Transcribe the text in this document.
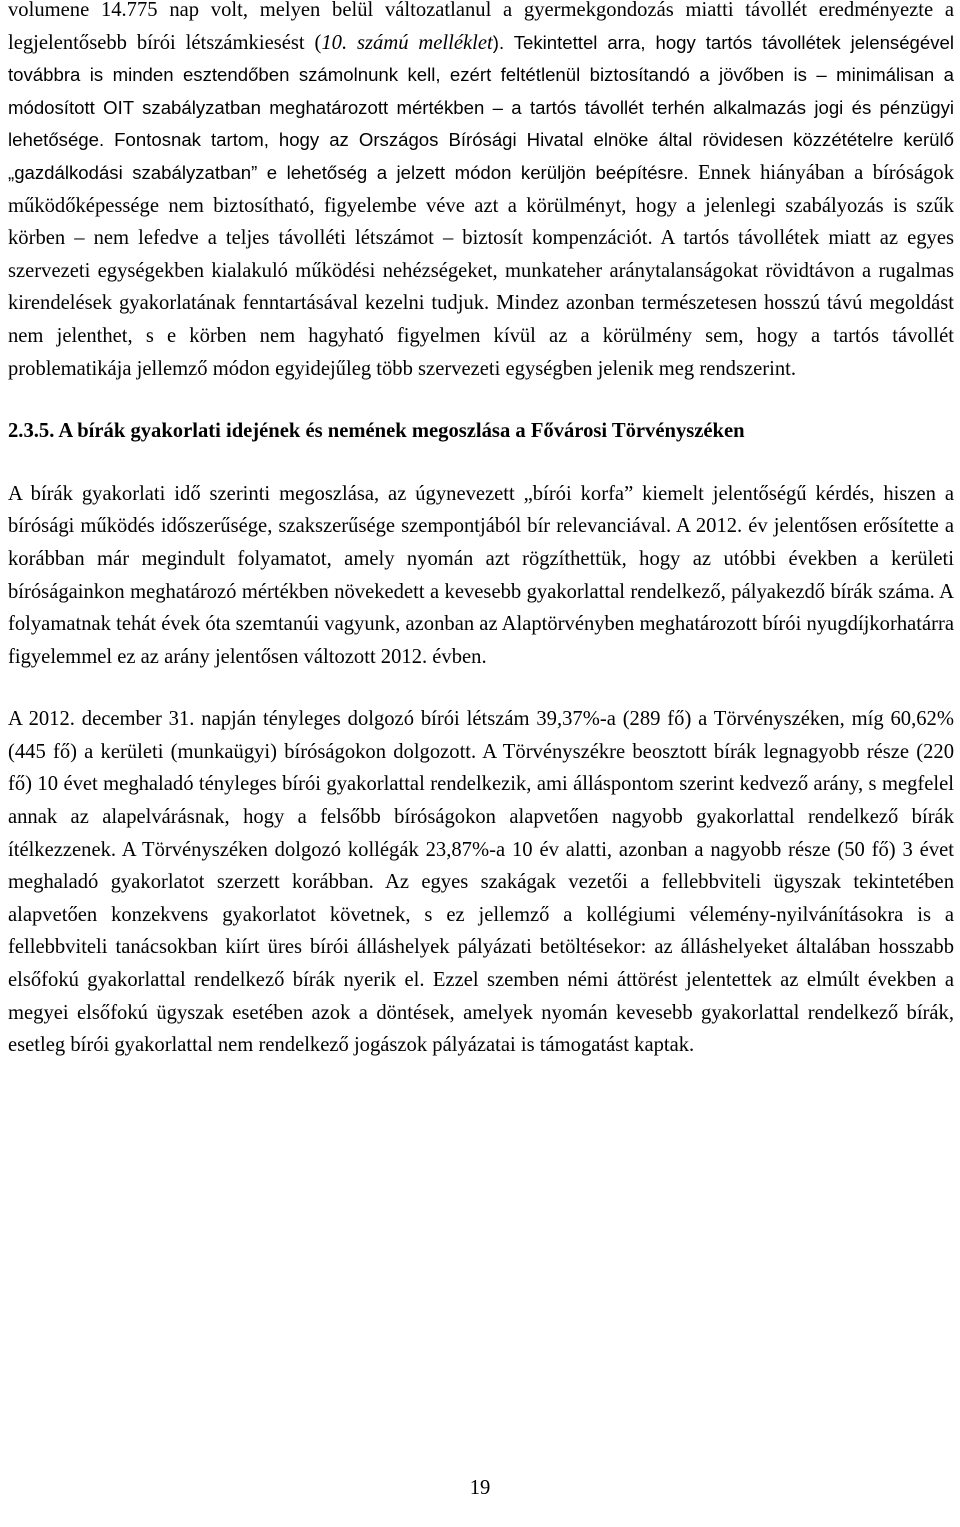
volumene 14.775 nap volt, melyen belül változatlanul a gyermekgondozás miatti távollét eredményezte a legjelentősebb bírói létszámkiesést (10. számú melléklet). Tekintettel arra, hogy tartós távollétek jelenségével továbbra is minden esztendőben számolnunk kell, ezért feltétlenül biztosítandó a jövőben is – minimálisan a módosított OIT szabályzatban meghatározott mértékben – a tartós távollét terhén alkalmazás jogi és pénzügyi lehetősége. Fontosnak tartom, hogy az Országos Bírósági Hivatal elnöke által rövidesen közzétételre kerülő „gazdálkodási szabályzatban” e lehetőség a jelzett módon kerüljön beépítésre. Ennek hiányában a bíróságok működőképessége nem biztosítható, figyelembe véve azt a körülményt, hogy a jelenlegi szabályozás is szűk körben – nem lefedve a teljes távolléti létszámot – biztosít kompenzációt. A tartós távollétek miatt az egyes szervezeti egységekben kialakuló működési nehézségeket, munkateher aránytalanságokat rövidtávon a rugalmas kirendelések gyakorlatának fenntartásával kezelni tudjuk. Mindez azonban természetesen hosszú távú megoldást nem jelenthet, s e körben nem hagyható figyelmen kívül az a körülmény sem, hogy a tartós távollét problematikája jellemző módon egyidejűleg több szervezeti egységben jelenik meg rendszerint.

2.3.5. A bírák gyakorlati idejének és nemének megoszlása a Fővárosi Törvényszéken

A bírák gyakorlati idő szerinti megoszlása, az úgynevezett „bírói korfa” kiemelt jelentőségű kérdés, hiszen a bírósági működés időszerűsége, szakszerűsége szempontjából bír relevanciával. A 2012. év jelentősen erősítette a korábban már megindult folyamatot, amely nyomán azt rögzíthettük, hogy az utóbbi években a kerületi bíróságainkon meghatározó mértékben növekedett a kevesebb gyakorlattal rendelkező, pályakezdő bírák száma. A folyamatnak tehát évek óta szemtanúi vagyunk, azonban az Alaptörvényben meghatározott bírói nyugdíjkorhatárra figyelemmel ez az arány jelentősen változott 2012. évben.

A 2012. december 31. napján tényleges dolgozó bírói létszám 39,37%-a (289 fő) a Törvényszéken, míg 60,62% (445 fő) a kerületi (munkaügyi) bíróságokon dolgozott. A Törvényszékre beosztott bírák legnagyobb része (220 fő) 10 évet meghaladó tényleges bírói gyakorlattal rendelkezik, ami álláspontom szerint kedvező arány, s megfelel annak az alapelvárásnak, hogy a felsőbb bíróságokon alapvetően nagyobb gyakorlattal rendelkező bírák ítélkezzenek. A Törvényszéken dolgozó kollégák 23,87%-a 10 év alatti, azonban a nagyobb része (50 fő) 3 évet meghaladó gyakorlatot szerzett korábban. Az egyes szakágak vezetői a fellebbviteli ügyszak tekintetében alapvetően konzekvens gyakorlatot követnek, s ez jellemző a kollégiumi vélemény-nyilvánításokra is a fellebbviteli tanácsokban kiírt üres bírói álláshelyek pályázati betöltésekor: az álláshelyeket általában hosszabb elsőfokú gyakorlattal rendelkező bírák nyerik el. Ezzel szemben némi áttörést jelentettek az elmúlt években a megyei elsőfokú ügyszak esetében azok a döntések, amelyek nyomán kevesebb gyakorlattal rendelkező bírák, esetleg bírói gyakorlattal nem rendelkező jogászok pályázatai is támogatást kaptak.

19
